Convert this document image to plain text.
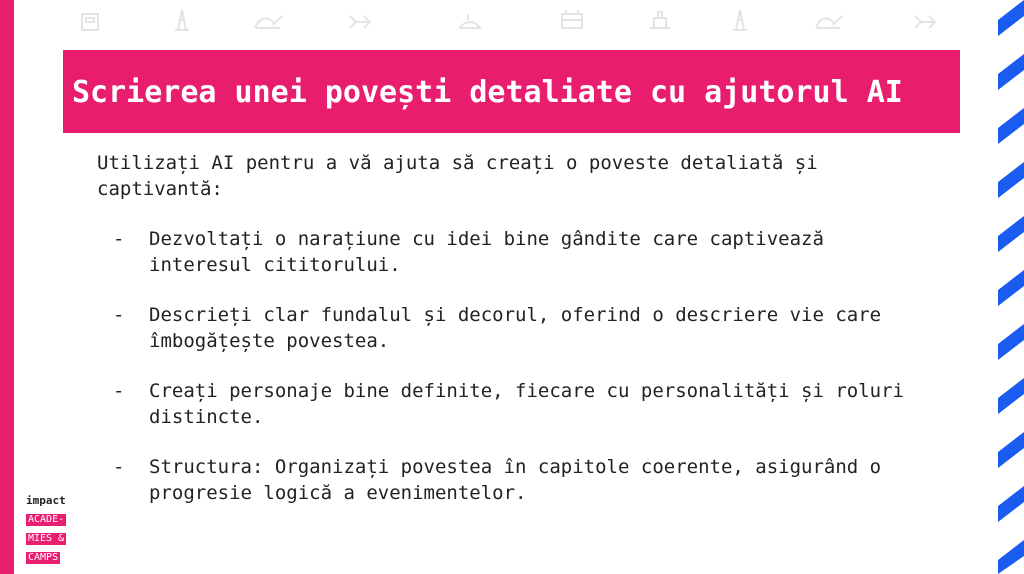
Scrierea unei povești detaliate cu ajutorul AI

Utilizați AI pentru a vă ajuta să creați o poveste detaliată și captivantă:

- Dezvoltați o narațiune cu idei bine gândite care captivează interesul cititorului.

- Descrieți clar fundalul și decorul, oferind o descriere vie care îmbogățește povestea.

- Creați personaje bine definite, fiecare cu personalități și roluri distincte.

- Structura: Organizați povestea în capitole coerente, asigurând o progresie logică a evenimentelor.

impact
ACADE-
MIES &
CAMPS
